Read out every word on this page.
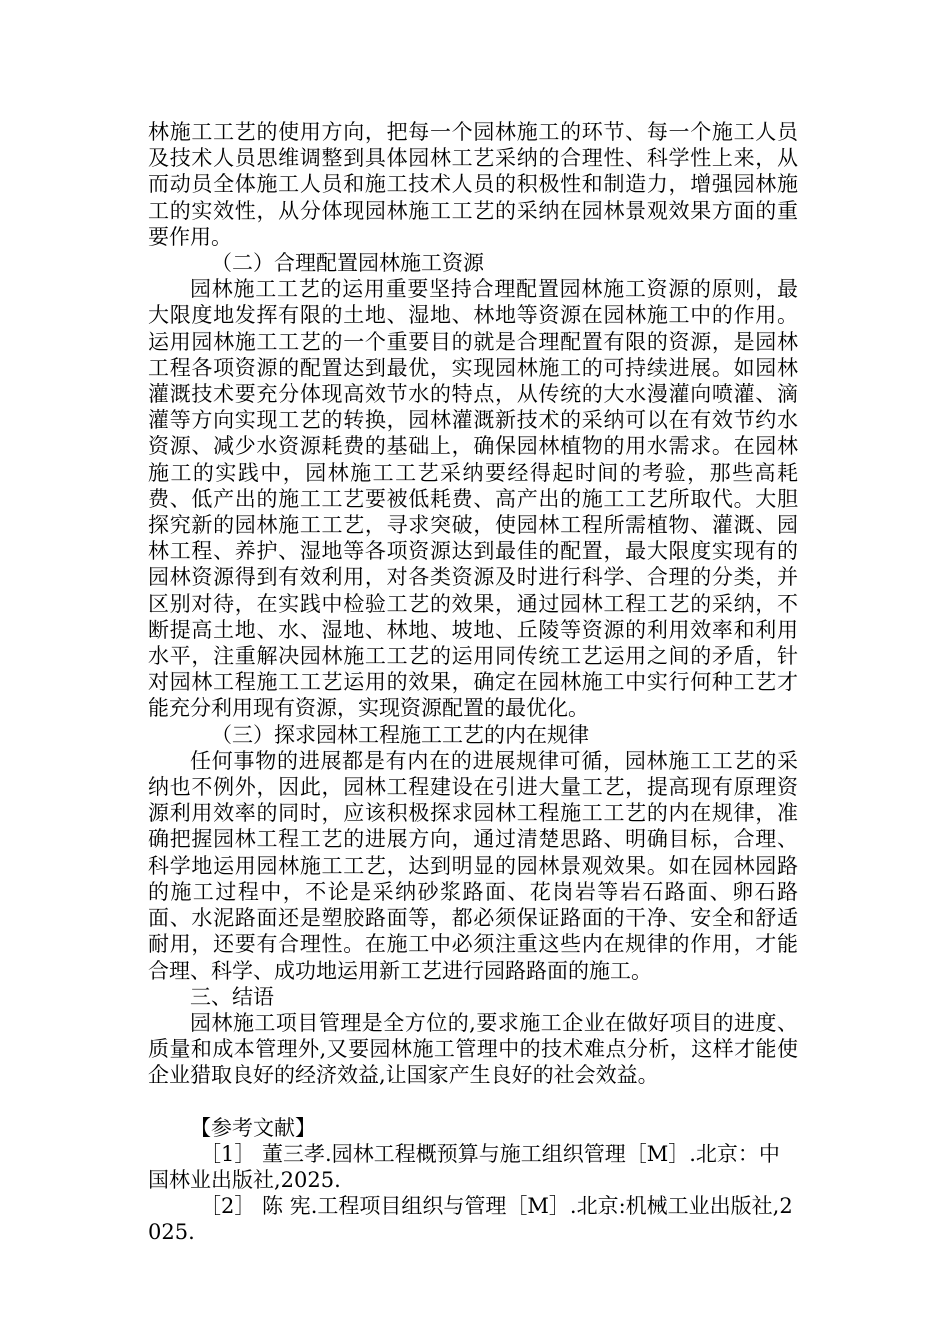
林施工工艺的使用方向，把每一个园林施工的环节、每一个施工人员及技术人员思维调整到具体园林工艺采纳的合理性、科学性上来，从而动员全体施工人员和施工技术人员的积极性和制造力，增强园林施工的实效性，从分体现园林施工工艺的采纳在园林景观效果方面的重要作用。

（二）合理配置园林施工资源

园林施工工艺的运用重要坚持合理配置园林施工资源的原则，最大限度地发挥有限的土地、湿地、林地等资源在园林施工中的作用。运用园林施工工艺的一个重要目的就是合理配置有限的资源，是园林工程各项资源的配置达到最优，实现园林施工的可持续进展。如园林灌溉技术要充分体现高效节水的特点，从传统的大水漫灌向喷灌、滴灌等方向实现工艺的转换，园林灌溉新技术的采纳可以在有效节约水资源、减少水资源耗费的基础上，确保园林植物的用水需求。在园林施工的实践中，园林施工工艺采纳要经得起时间的考验，那些高耗费、低产出的施工工艺要被低耗费、高产出的施工工艺所取代。大胆探究新的园林施工工艺，寻求突破，使园林工程所需植物、灌溉、园林工程、养护、湿地等各项资源达到最佳的配置，最大限度实现有的园林资源得到有效利用，对各类资源及时进行科学、合理的分类，并区别对待，在实践中检验工艺的效果，通过园林工程工艺的采纳，不断提高土地、水、湿地、林地、坡地、丘陵等资源的利用效率和利用水平，注重解决园林施工工艺的运用同传统工艺运用之间的矛盾，针对园林工程施工工艺运用的效果，确定在园林施工中实行何种工艺才能充分利用现有资源，实现资源配置的最优化。

（三）探求园林工程施工工艺的内在规律

任何事物的进展都是有内在的进展规律可循，园林施工工艺的采纳也不例外，因此，园林工程建设在引进大量工艺，提高现有原理资源利用效率的同时，应该积极探求园林工程施工工艺的内在规律，准确把握园林工程工艺的进展方向，通过清楚思路、明确目标，合理、科学地运用园林施工工艺，达到明显的园林景观效果。如在园林园路的施工过程中，不论是采纳砂浆路面、花岗岩等岩石路面、卵石路面、水泥路面还是塑胶路面等，都必须保证路面的干净、安全和舒适耐用，还要有合理性。在施工中必须注重这些内在规律的作用，才能合理、科学、成功地运用新工艺进行园路路面的施工。

三、结语

园林施工项目管理是全方位的,要求施工企业在做好项目的进度、质量和成本管理外,又要园林施工管理中的技术难点分析，这样才能使企业猎取良好的经济效益,让国家产生良好的社会效益。

【参考文献】

［1］ 董三孝.园林工程概预算与施工组织管理［M］.北京：中国林业出版社,2025.

［2］ 陈 宪.工程项目组织与管理［M］.北京:机械工业出版社,2025.
